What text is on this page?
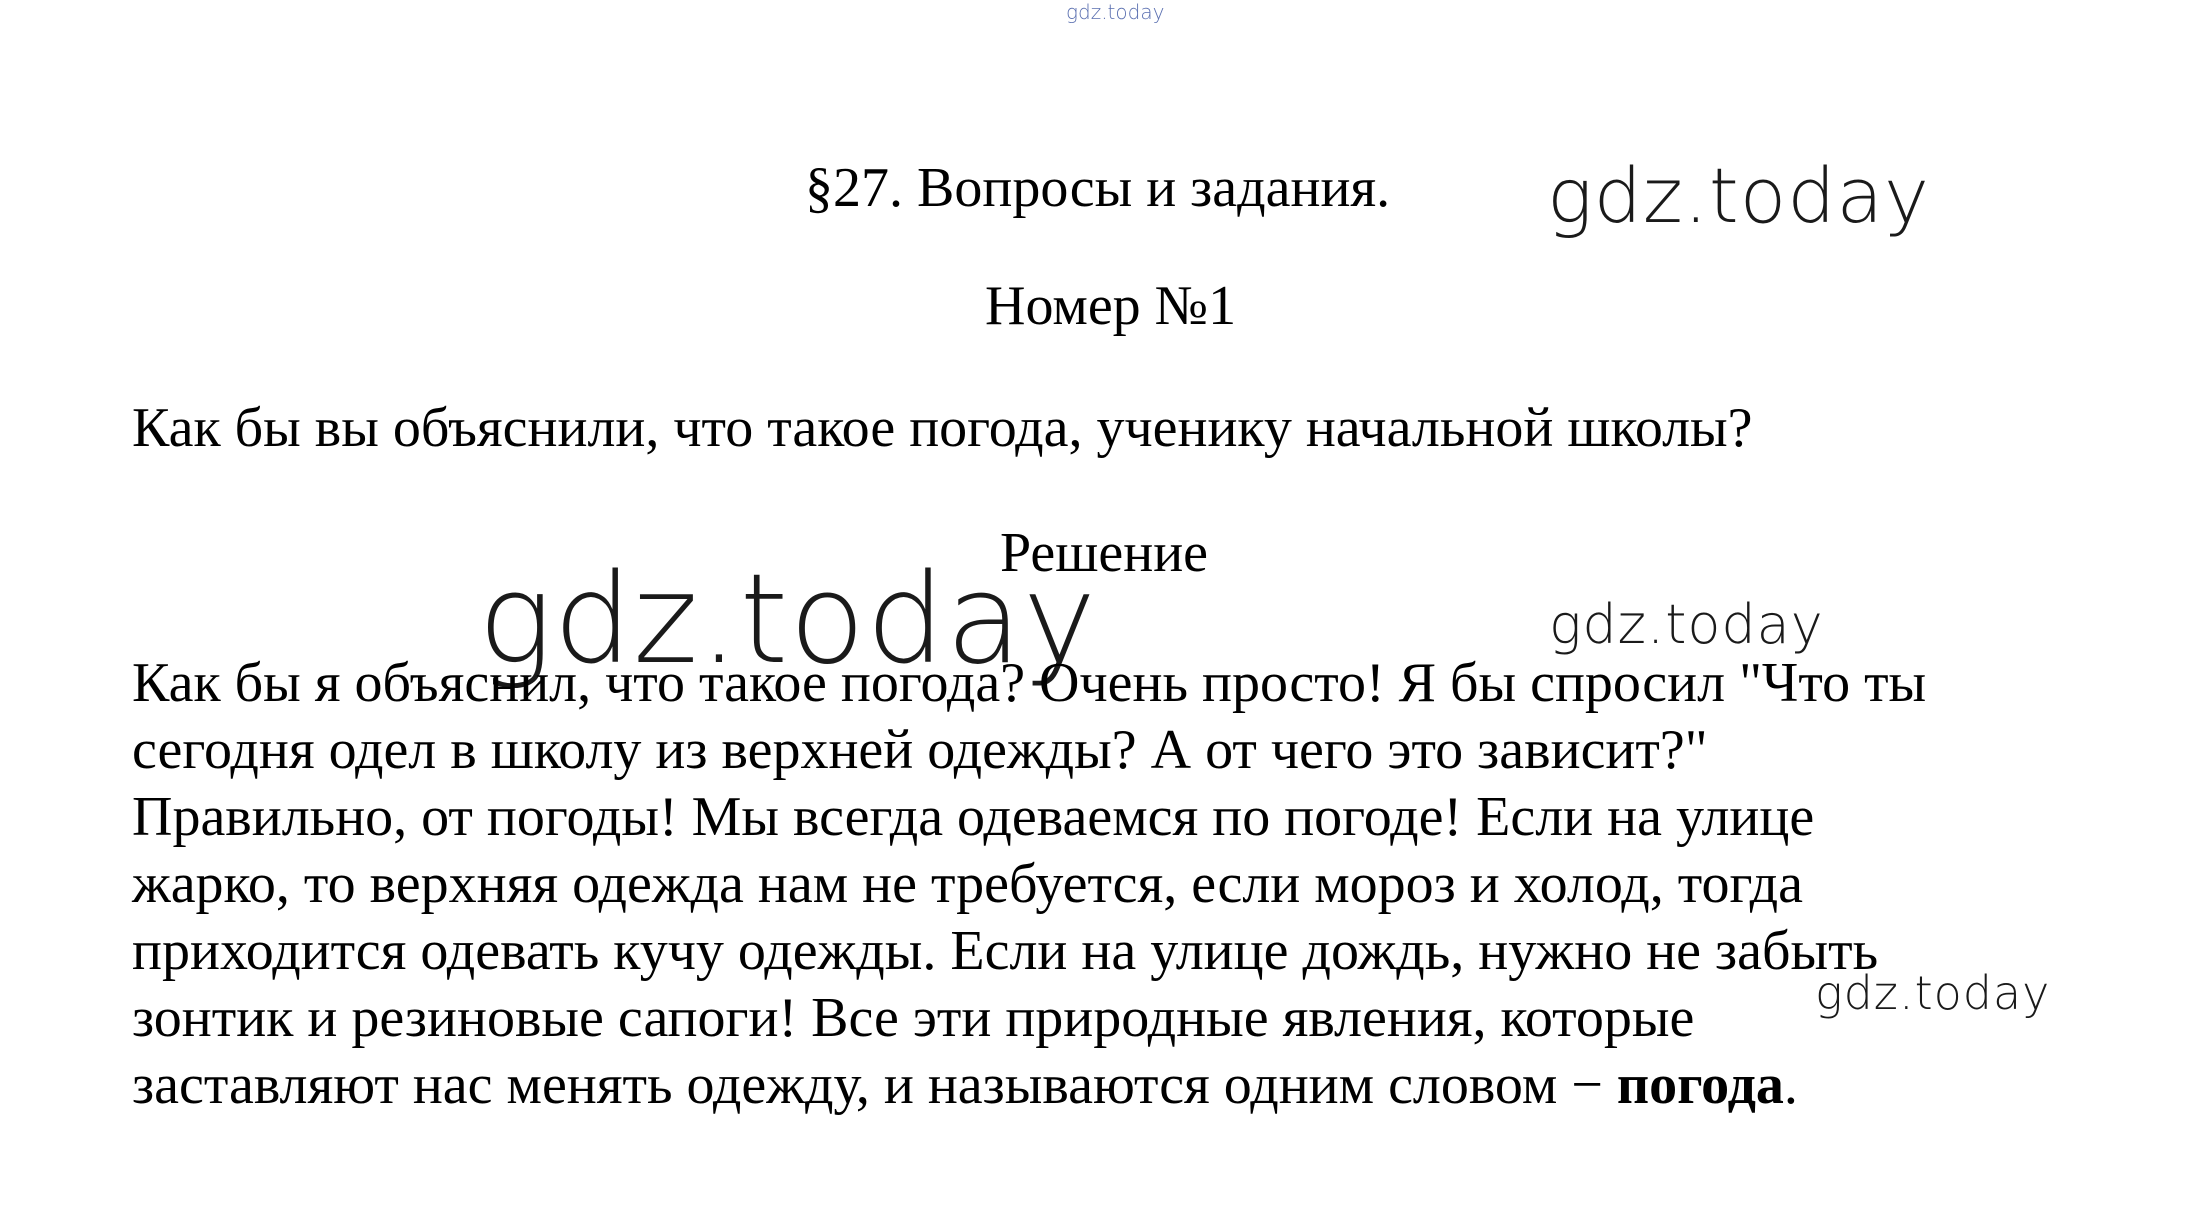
gdz.today
gdz.today
gdz.today	gdz.today
gdz.today
§27. Вопросы и задания.
Номер №1
Как бы вы объяснили, что такое погода, ученику начальной школы?
Решение

Как бы я объяснил, что такое погода? Очень просто! Я бы спросил "Что ты
сегодня одел в школу из верхней одежды? А от чего это зависит?"
Правильно, от погоды! Мы всегда одеваемся по погоде! Если на улице
жарко, то верхняя одежда нам не требуется, если мороз и холод, тогда
приходится одевать кучу одежды. Если на улице дождь, нужно не забыть
зонтик и резиновые сапоги! Все эти природные явления, которые
заставляют нас менять одежду, и называются одним словом − погода.
